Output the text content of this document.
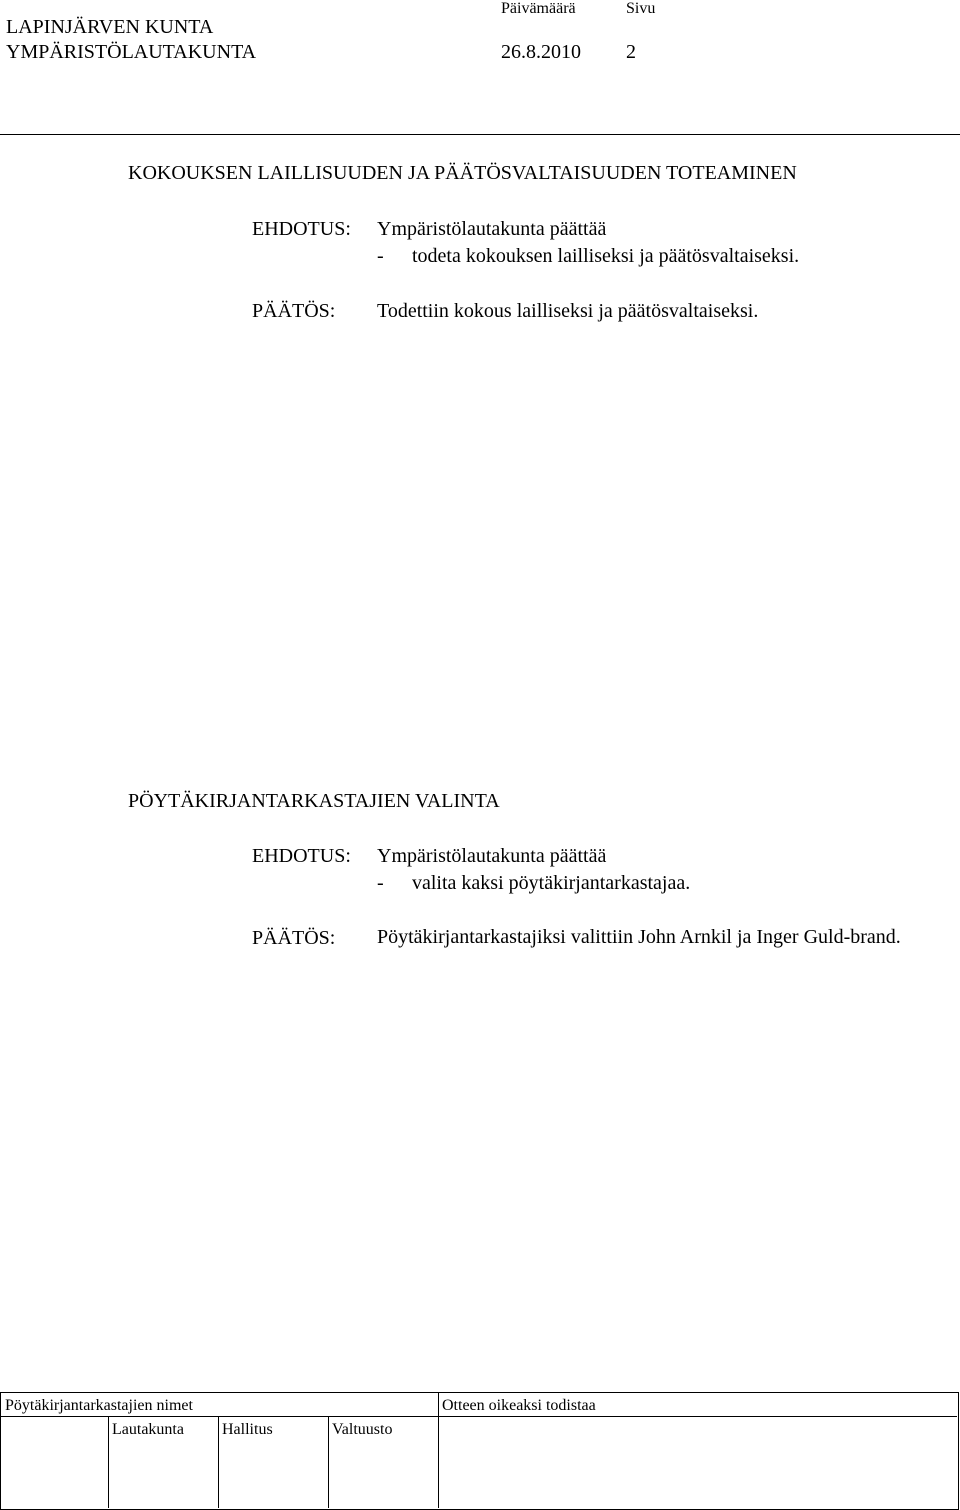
LAPINJÄRVEN KUNTA
YMPÄRISTÖLAUTAKUNTA
Päivämäärä
26.8.2010
Sivu
2
KOKOUKSEN LAILLISUUDEN JA PÄÄTÖSVALTAISUUDEN TOTEAMINEN
EHDOTUS: Ympäristölautakunta päättää
- todeta kokouksen lailliseksi ja päätösvaltaiseksi.
PÄÄTÖS: Todettiin kokous lailliseksi ja päätösvaltaiseksi.
PÖYTÄKIRJANTARKASTAJIEN VALINTA
EHDOTUS: Ympäristölautakunta päättää
- valita kaksi pöytäkirjantarkastajaa.
PÄÄTÖS: Pöytäkirjantarkastajiksi valittiin John Arnkil ja Inger Guld-brand.
Pöytäkirjantarkastajien nimet	Otteen oikeaksi todistaa
Lautakunta Hallitus	Valtuusto
